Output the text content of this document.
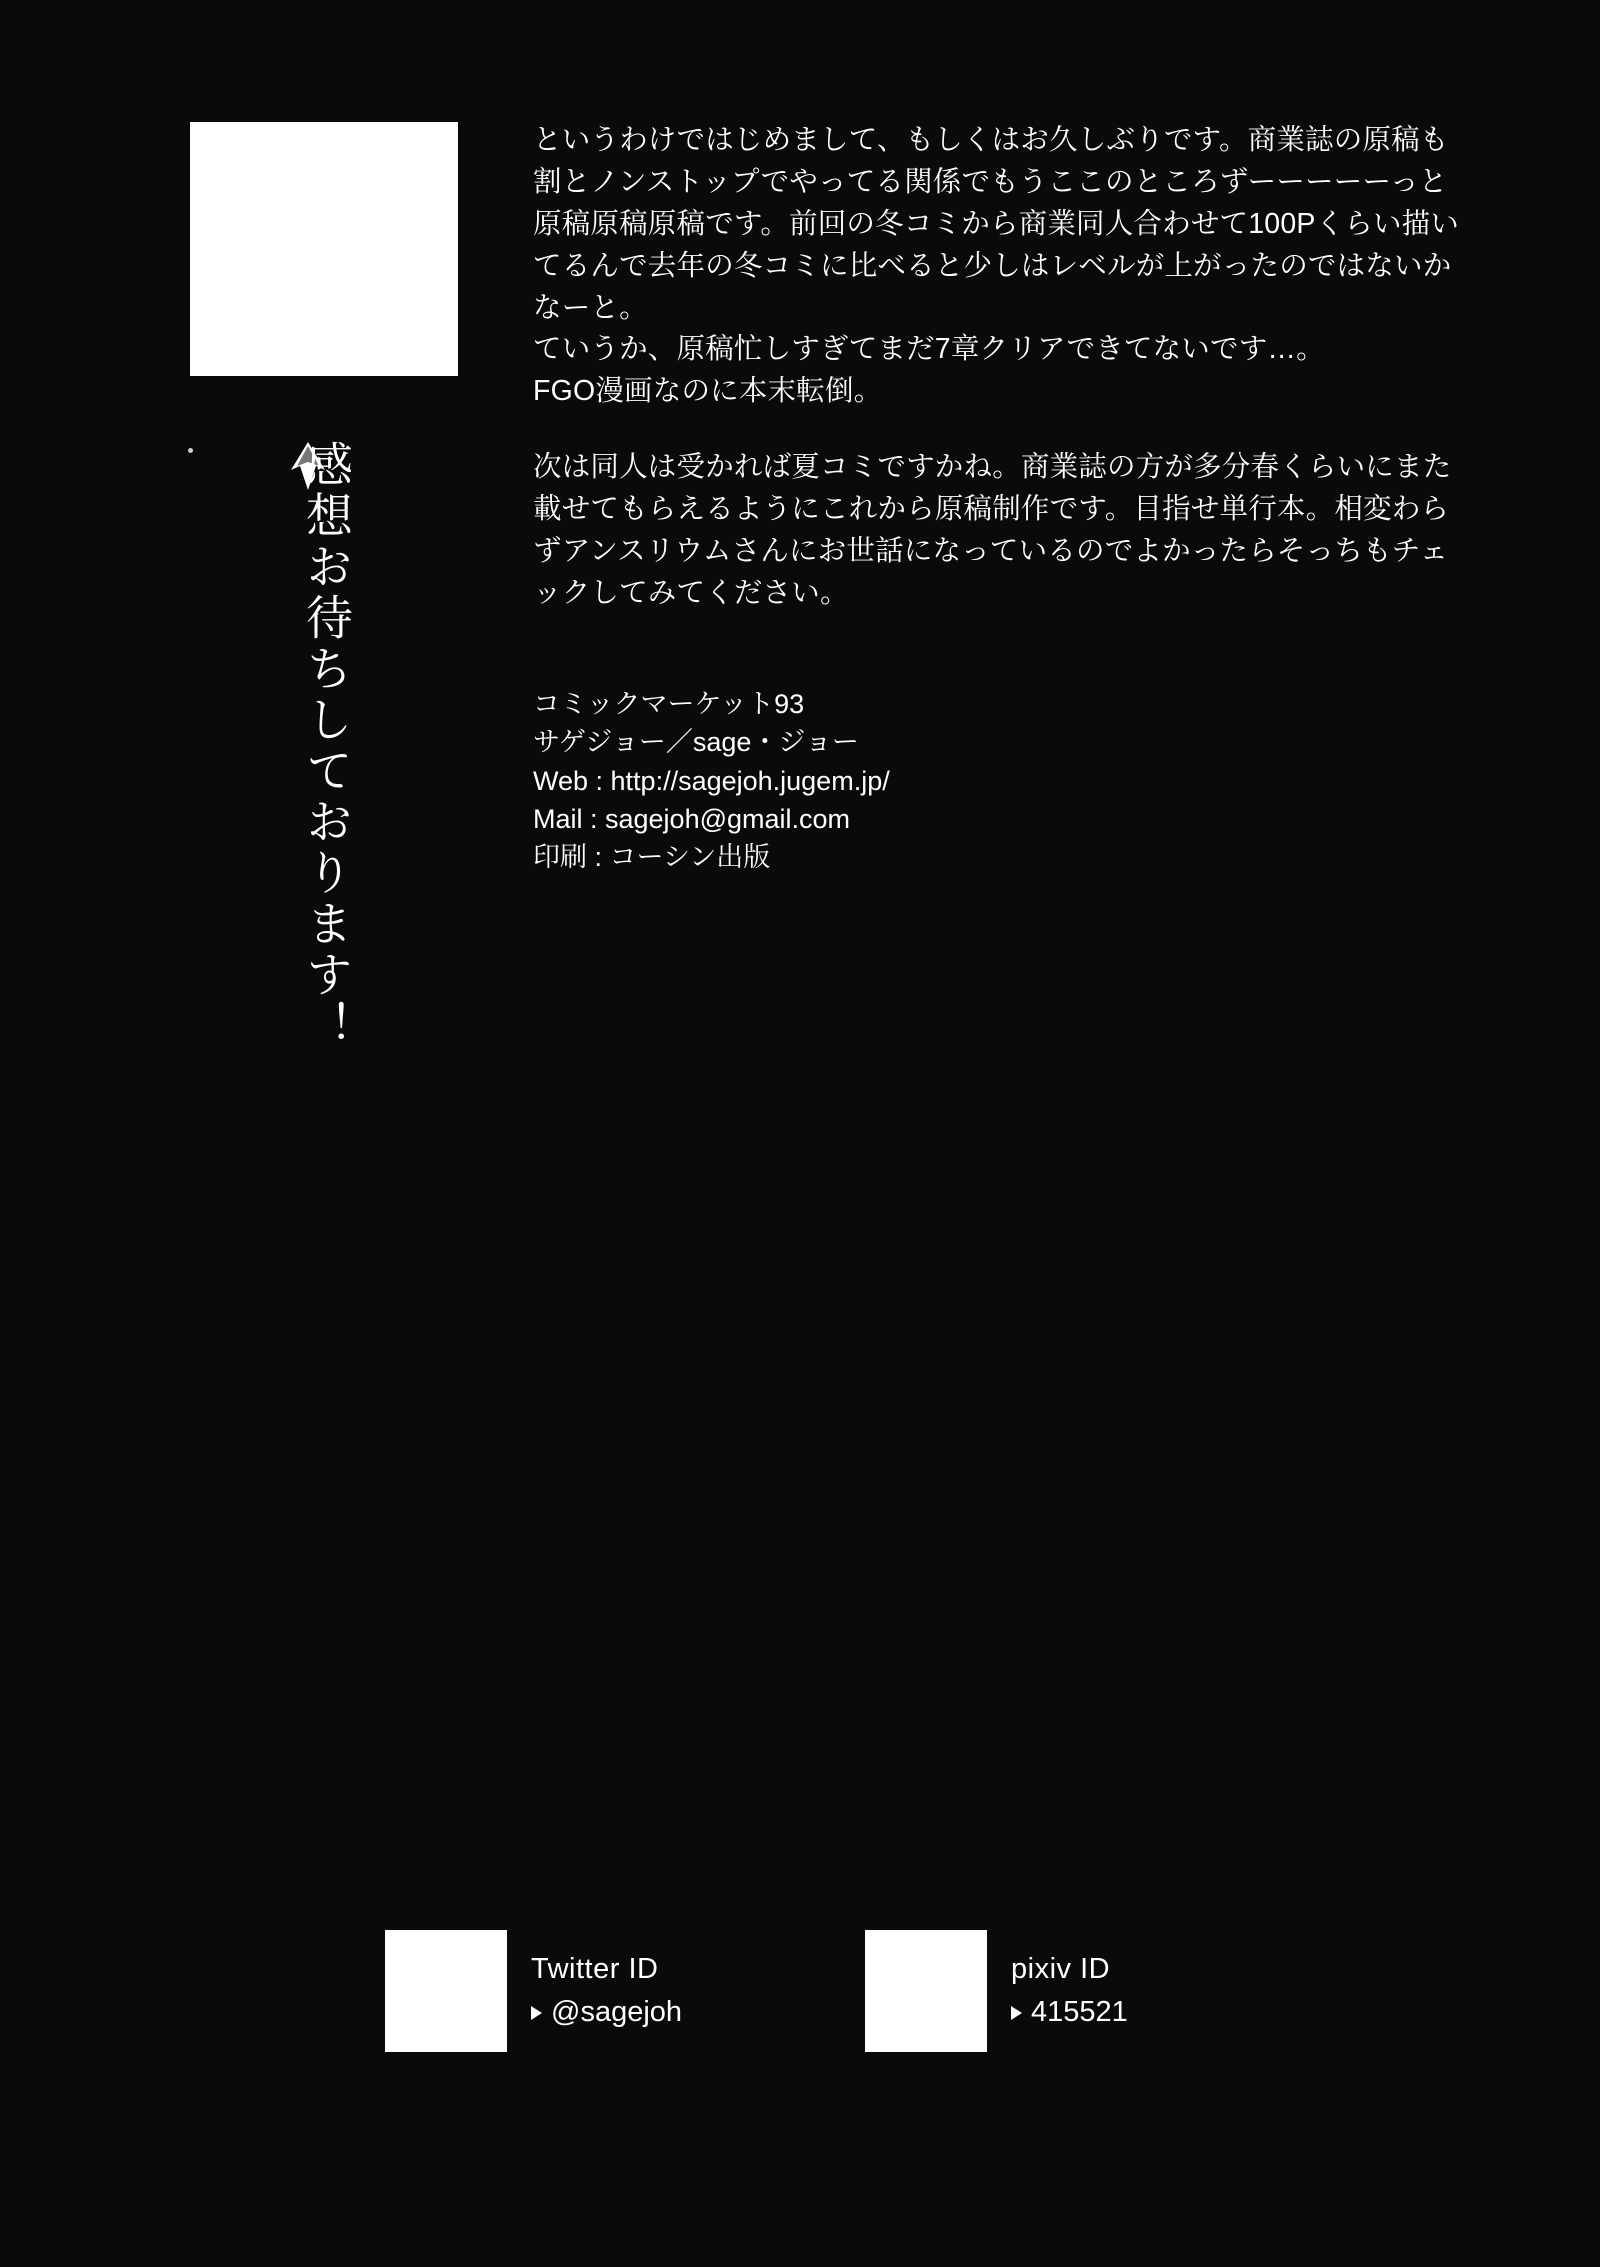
感想お待ちしております！

というわけではじめまして、もしくはお久しぶりです。商業誌の原稿も割とノンストップでやってる関係でもうここのところずーーーーーっと原稿原稿原稿です。前回の冬コミから商業同人合わせて100Pくらい描いてるんで去年の冬コミに比べると少しはレベルが上がったのではないかなーと。

ていうか、原稿忙しすぎてまだ7章クリアできてないです…。

FGO漫画なのに本末転倒。

次は同人は受かれば夏コミですかね。商業誌の方が多分春くらいにまた載せてもらえるようにこれから原稿制作です。目指せ単行本。相変わらずアンスリウムさんにお世話になっているのでよかったらそっちもチェックしてみてください。

コミックマーケット93
サゲジョー／sage・ジョー
Web : http://sagejoh.jugem.jp/
Mail : sagejoh@gmail.com
印刷 : コーシン出版
Twitter ID
@sagejoh
pixiv ID
415521
